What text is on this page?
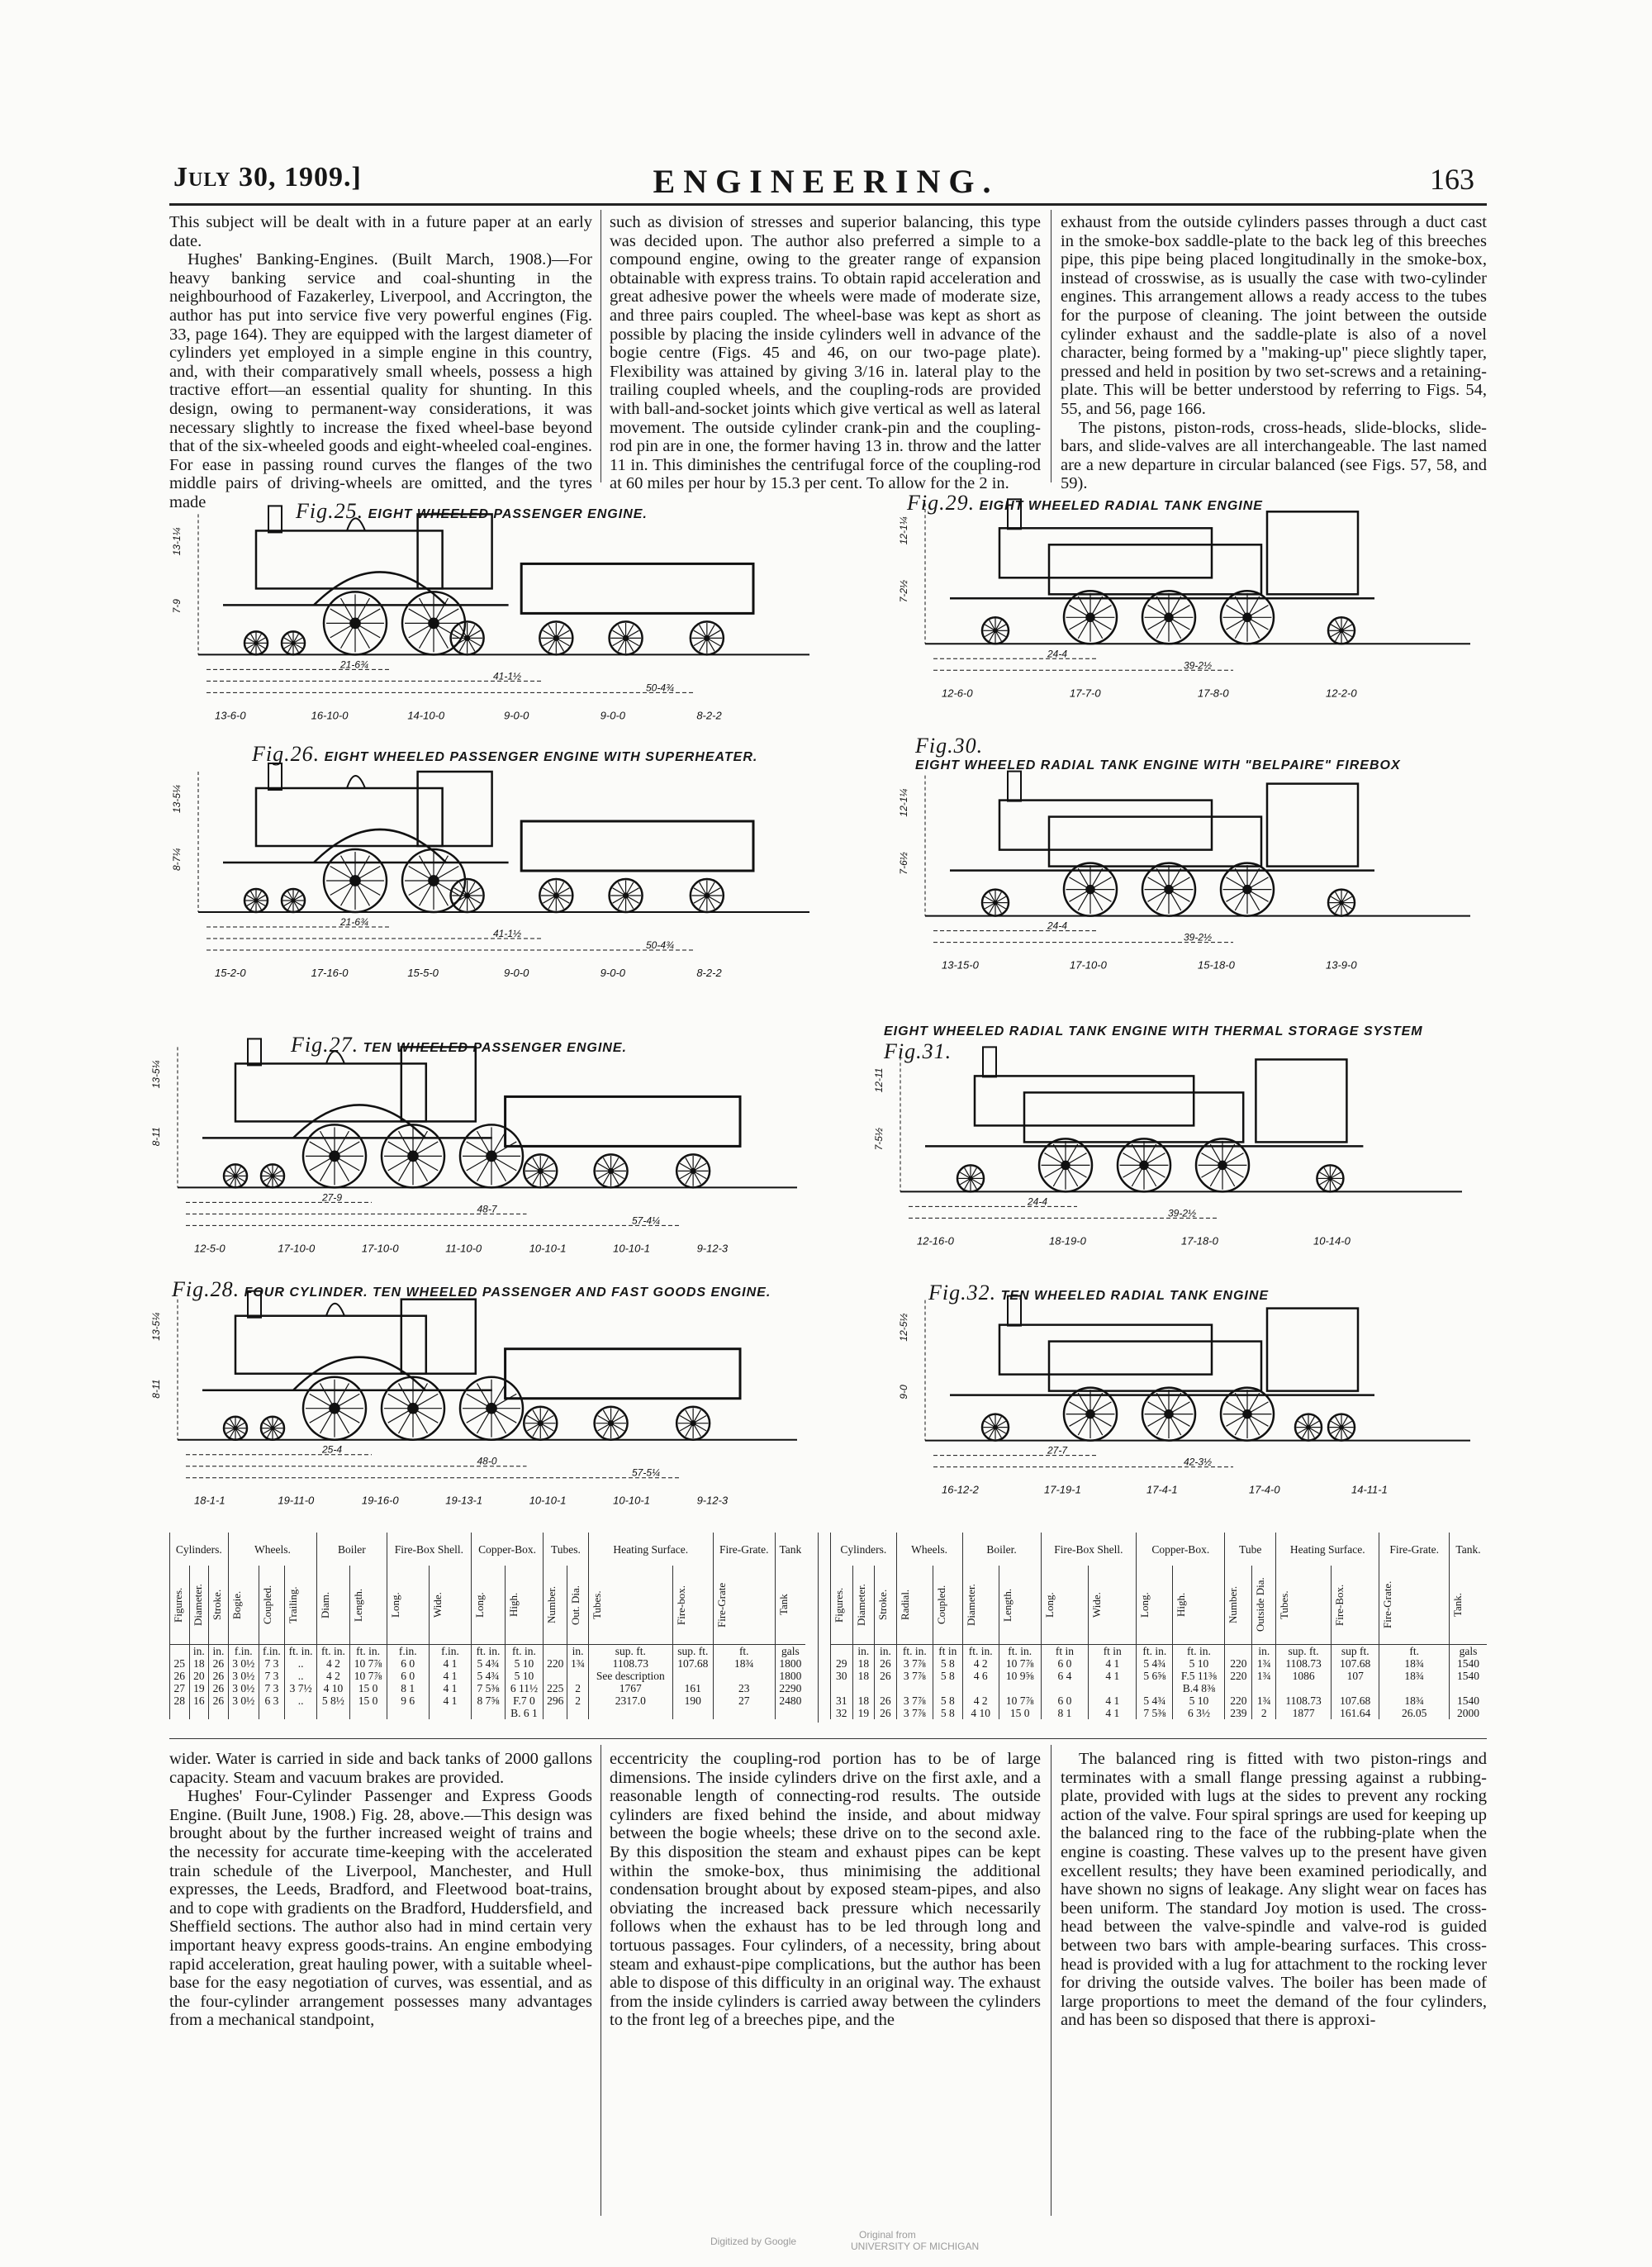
July 30, 1909.]	ENGINEERING.	163

This subject will be dealt with in a future paper at an early date.

Hughes' Banking-Engines. (Built March, 1908.)—For heavy banking service and coal-shunting in the neighbourhood of Fazakerley, Liverpool, and Accrington, the author has put into service five very powerful engines (Fig. 33, page 164). They are equipped with the largest diameter of cylinders yet employed in a simple engine in this country, and, with their comparatively small wheels, possess a high tractive effort—an essential quality for shunting. In this design, owing to permanent-way considerations, it was necessary slightly to increase the fixed wheel-base beyond that of the six-wheeled goods and eight-wheeled coal-engines. For ease in passing round curves the flanges of the two middle pairs of driving-wheels are omitted, and the tyres made

such as division of stresses and superior balancing, this type was decided upon. The author also preferred a simple to a compound engine, owing to the greater range of expansion obtainable with express trains. To obtain rapid acceleration and great adhesive power the wheels were made of moderate size, and three pairs coupled. The wheel-base was kept as short as possible by placing the inside cylinders well in advance of the bogie centre (Figs. 45 and 46, on our two-page plate). Flexibility was attained by giving 3/16 in. lateral play to the trailing coupled wheels, and the coupling-rods are provided with ball-and-socket joints which give vertical as well as lateral movement. The outside cylinder crank-pin and the coupling-rod pin are in one, the former having 13 in. throw and the latter 11 in. This diminishes the centrifugal force of the coupling-rod at 60 miles per hour by 15.3 per cent. To allow for the 2 in.

exhaust from the outside cylinders passes through a duct cast in the smoke-box saddle-plate to the back leg of this breeches pipe, this pipe being placed longitudinally in the smoke-box, instead of crosswise, as is usually the case with two-cylinder engines. This arrangement allows a ready access to the tubes for the purpose of cleaning. The joint between the outside cylinder exhaust and the saddle-plate is also of a novel character, being formed by a "making-up" piece slightly taper, pressed and held in position by two set-screws and a retaining-plate. This will be better understood by referring to Figs. 54, 55, and 56, page 166.

The pistons, piston-rods, cross-heads, slide-blocks, slide-bars, and slide-valves are all interchangeable. The last named are a new departure in circular balanced (see Figs. 57, 58, and 59).

Fig.25. EIGHT WHEELED PASSENGER ENGINE.
Fig.26. EIGHT WHEELED PASSENGER ENGINE WITH SUPERHEATER.
Fig.27. TEN WHEELED PASSENGER ENGINE.
Fig.28. FOUR CYLINDER. TEN WHEELED PASSENGER AND FAST GOODS ENGINE.
Fig.29. EIGHT WHEELED RADIAL TANK ENGINE
Fig.30.
EIGHT WHEELED RADIAL TANK ENGINE WITH "BELPAIRE" FIREBOX
EIGHT WHEELED RADIAL TANK ENGINE WITH THERMAL STORAGE SYSTEM
Fig.31.
Fig.32. TEN WHEELED RADIAL TANK ENGINE
13-1¼
7-9
21-6¾
41-1½
50-4¾
13-6-0	16-10-0	14-10-0	9-0-0	9-0-0	8-2-2
13-5¼
8-7¼
21-6¾
41-1½
50-4¾
15-2-0	17-16-0	15-5-0	9-0-0	9-0-0	8-2-2
13-5¼
8-11
27-9
48-7
57-4¼
12-5-0	17-10-0	17-10-0	11-10-0	10-10-1	10-10-1	9-12-3
13-5¼
8-11
25-4
48-0
57-5¼
18-1-1	19-11-0	19-16-0	19-13-1	10-10-1	10-10-1	9-12-3
12-1¼
7-2½
24-4
39-2½
12-6-0	17-7-0	17-8-0	12-2-0
12-1¼
7-6½
24-4
39-2½
13-15-0	17-10-0	15-18-0	13-9-0
12-11
7-5½
24-4
39-2½
12-16-0	18-19-0	17-18-0	10-14-0
12-5½
9-0
27-7
42-3½
16-12-2	17-19-1	17-4-1	17-4-0	14-11-1
Cylinders.			Wheels.			Boiler		Fire-Box Shell.		Copper-Box.		Tubes.		Heating Surface.		Fire-Grate.	Tank

Figures.	Diameter.	Stroke.	Bogie.	Coupled.	Trailing.	Diam.	Length.	Long.	Wide.	Long.	High.	Number.	Out. Dia.	Tubes.	Fire-box.	Fire-Grate	Tank

	in.	in.	f.in.	f.in.	ft. in.	ft. in.	ft. in.	f.in.	f.in.	ft. in.	ft. in.		in.	sup. ft.	sup. ft.	ft.	gals
25	18	26	3 0½	7 3	..	4 2	10 7⅞	6 0	4 1	5 4¾	5 10	220	1¾	1108.73	107.68	18¾	1800
26	20	26	3 0½	7 3	..	4 2	10 7⅞	6 0	4 1	5 4¾	5 10			See description			1800
27	19	26	3 0½	7 3	3 7½	4 10	15 0	8 1	4 1	7 5⅜	6 11½	225	2	1767	161	23	2290
28	16	26	3 0½	6 3	..	5 8½	15 0	9 6	4 1	8 7⅝	F.7 0	296	2	2317.0	190	27	2480
											B. 6 1						
Cylinders.			Wheels.		Boiler.		Fire-Box Shell.		Copper-Box.		Tube		Heating Surface.		Fire-Grate.	Tank.

Figures.	Diameter.	Stroke.	Radial.	Coupled.	Diameter.	Length.	Long.	Wide.	Long.	High.	Number.	Outside Dia.	Tubes.	Fire-Box.	Fire-Grate.	Tank.

	in.	in.	ft. in.	ft in	ft. in.	ft. in.	ft in	ft in	ft. in.	ft. in.		in.	sup. ft.	sup ft.	ft.	gals
29	18	26	3 7⅞	5 8	4 2	10 7⅞	6 0	4 1	5 4¾	5 10	220	1¾	1108.73	107.68	18¾	1540
30	18	26	3 7⅞	5 8	4 6	10 9⅝	6 4	4 1	5 6⅝	F.5 11⅜	220	1¾	1086	107	18¾	1540
										B.4 8⅜						
31	18	26	3 7⅞	5 8	4 2	10 7⅞	6 0	4 1	5 4¾	5 10	220	1¾	1108.73	107.68	18¾	1540
32	19	26	3 7⅞	5 8	4 10	15 0	8 1	4 1	7 5⅜	6 3½	239	2	1877	161.64	26.05	2000

wider. Water is carried in side and back tanks of 2000 gallons capacity. Steam and vacuum brakes are provided.

Hughes' Four-Cylinder Passenger and Express Goods Engine. (Built June, 1908.) Fig. 28, above.—This design was brought about by the further increased weight of trains and the necessity for accurate time-keeping with the accelerated train schedule of the Liverpool, Manchester, and Hull expresses, the Leeds, Bradford, and Fleetwood boat-trains, and to cope with gradients on the Bradford, Huddersfield, and Sheffield sections. The author also had in mind certain very important heavy express goods-trains. An engine embodying rapid acceleration, great hauling power, with a suitable wheel-base for the easy negotiation of curves, was essential, and as the four-cylinder arrangement possesses many advantages from a mechanical standpoint,

eccentricity the coupling-rod portion has to be of large dimensions. The inside cylinders drive on the first axle, and a reasonable length of connecting-rod results. The outside cylinders are fixed behind the inside, and about midway between the bogie wheels; these drive on to the second axle. By this disposition the steam and exhaust pipes can be kept within the smoke-box, thus minimising the additional condensation brought about by exposed steam-pipes, and also obviating the increased back pressure which necessarily follows when the exhaust has to be led through long and tortuous passages. Four cylinders, of a necessity, bring about steam and exhaust-pipe complications, but the author has been able to dispose of this difficulty in an original way. The exhaust from the inside cylinders is carried away between the cylinders to the front leg of a breeches pipe, and the

The balanced ring is fitted with two piston-rings and terminates with a small flange pressing against a rubbing-plate, provided with lugs at the sides to prevent any rocking action of the valve. Four spiral springs are used for keeping up the balanced ring to the face of the rubbing-plate when the engine is coasting. These valves up to the present have given excellent results; they have been examined periodically, and have shown no signs of leakage. Any slight wear on faces has been uniform. The standard Joy motion is used. The cross-head between the valve-spindle and valve-rod is guided between two bars with ample-bearing surfaces. This cross-head is provided with a lug for attachment to the rocking lever for driving the outside valves. The boiler has been made of large proportions to meet the demand of the four cylinders, and has been so disposed that there is approxi-

Digitized by Google
Original from
UNIVERSITY OF MICHIGAN
